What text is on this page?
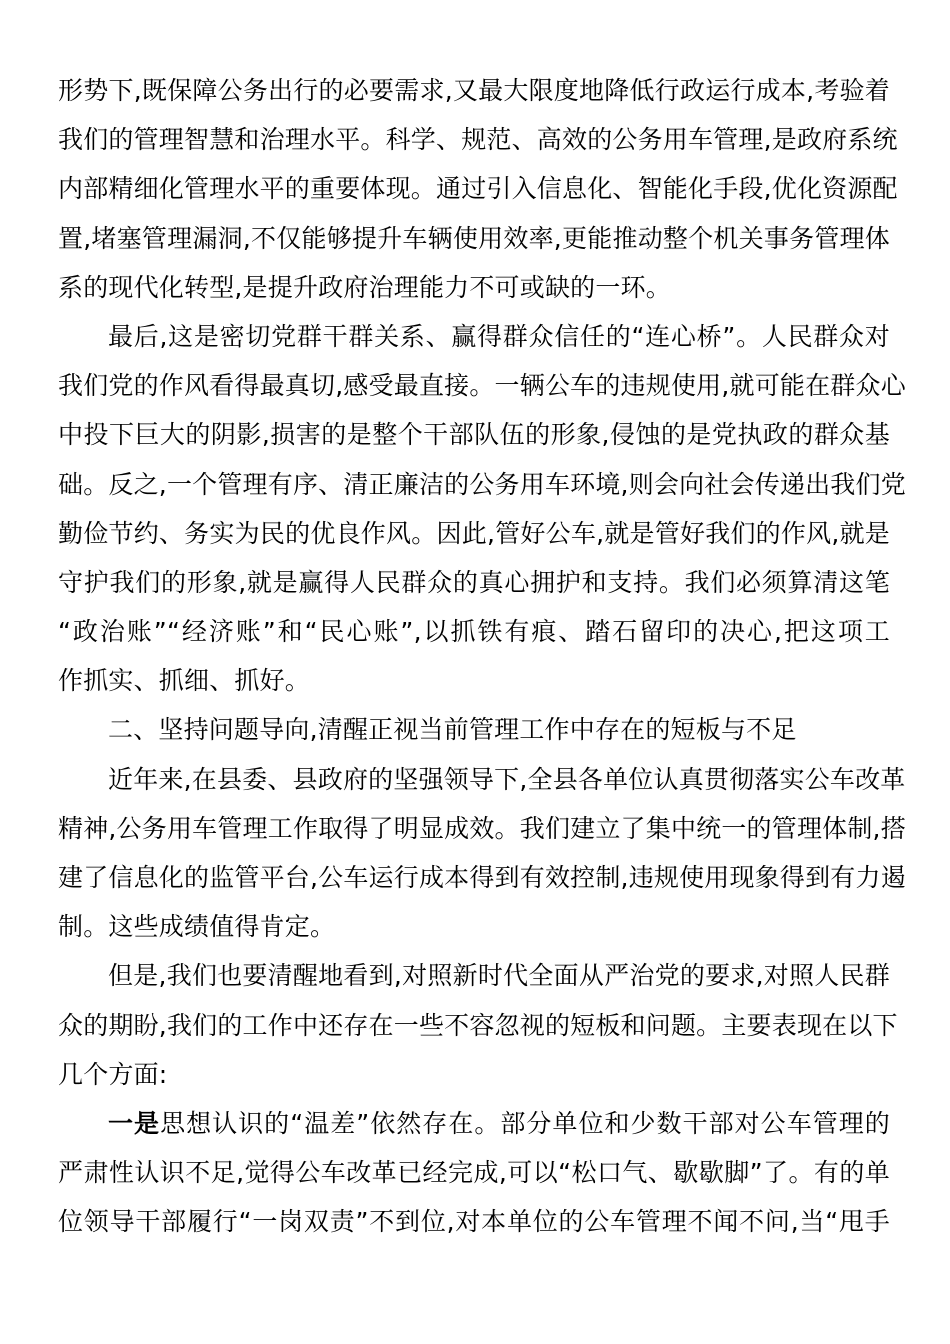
形势下,既保障公务出行的必要需求,又最大限度地降低行政运行成本,考验着
我们的管理智慧和治理水平。科学、规范、高效的公务用车管理,是政府系统
内部精细化管理水平的重要体现。通过引入信息化、智能化手段,优化资源配
置,堵塞管理漏洞,不仅能够提升车辆使用效率,更能推动整个机关事务管理体
系的现代化转型,是提升政府治理能力不可或缺的一环。

最后,这是密切党群干群关系、赢得群众信任的“连心桥”。人民群众对
我们党的作风看得最真切,感受最直接。一辆公车的违规使用,就可能在群众心
中投下巨大的阴影,损害的是整个干部队伍的形象,侵蚀的是党执政的群众基
础。反之,一个管理有序、清正廉洁的公务用车环境,则会向社会传递出我们党
勤俭节约、务实为民的优良作风。因此,管好公车,就是管好我们的作风,就是
守护我们的形象,就是赢得人民群众的真心拥护和支持。我们必须算清这笔
“政治账”“经济账”和“民心账”,以抓铁有痕、踏石留印的决心,把这项工
作抓实、抓细、抓好。

二、坚持问题导向,清醒正视当前管理工作中存在的短板与不足

近年来,在县委、县政府的坚强领导下,全县各单位认真贯彻落实公车改革
精神,公务用车管理工作取得了明显成效。我们建立了集中统一的管理体制,搭
建了信息化的监管平台,公车运行成本得到有效控制,违规使用现象得到有力遏
制。这些成绩值得肯定。

但是,我们也要清醒地看到,对照新时代全面从严治党的要求,对照人民群
众的期盼,我们的工作中还存在一些不容忽视的短板和问题。主要表现在以下
几个方面:

一是思想认识的“温差”依然存在。部分单位和少数干部对公车管理的
严肃性认识不足,觉得公车改革已经完成,可以“松口气、歇歇脚”了。有的单
位领导干部履行“一岗双责”不到位,对本单位的公车管理不闻不问,当“甩手
